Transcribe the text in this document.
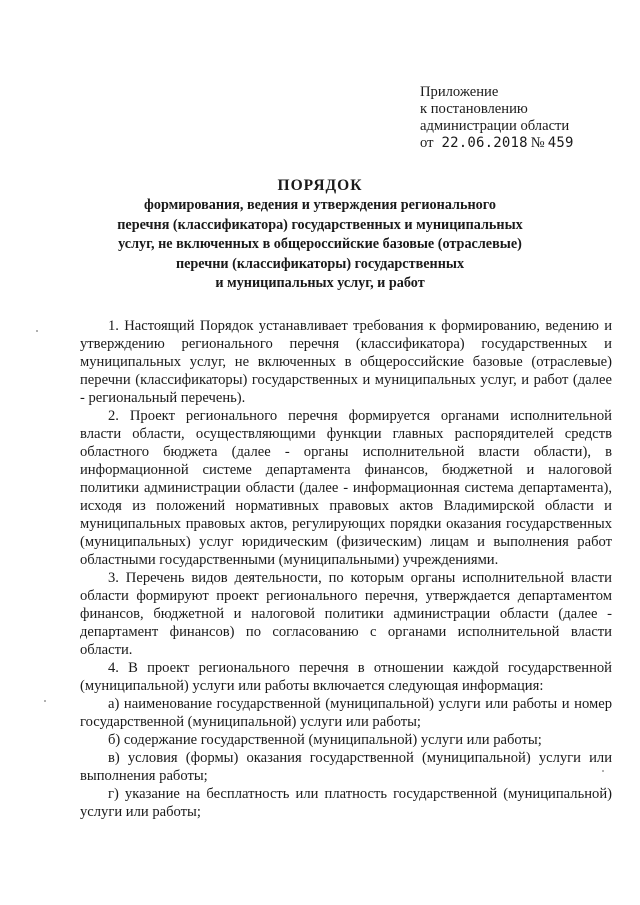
Приложение
к постановлению
администрации области
от 22.06.2018 № 459
ПОРЯДОК
формирования, ведения и утверждения регионального
перечня (классификатора) государственных и муниципальных
услуг, не включенных в общероссийские базовые (отраслевые)
перечни (классификаторы) государственных
и муниципальных услуг, и работ

1. Настоящий Порядок устанавливает требования к формированию, ведению и утверждению регионального перечня (классификатора) государственных и муниципальных услуг, не включенных в общероссийские базовые (отраслевые) перечни (классификаторы) государственных и муниципальных услуг, и работ (далее - региональный перечень).

2. Проект регионального перечня формируется органами исполнительной власти области, осуществляющими функции главных распорядителей средств областного бюджета (далее - органы исполнительной власти области), в информационной системе департамента финансов, бюджетной и налоговой политики администрации области (далее - информационная система департамента), исходя из положений нормативных правовых актов Владимирской области и муниципальных правовых актов, регулирующих порядки оказания государственных (муниципальных) услуг юридическим (физическим) лицам и выполнения работ областными государственными (муниципальными) учреждениями.

3. Перечень видов деятельности, по которым органы исполнительной власти области формируют проект регионального перечня, утверждается департаментом финансов, бюджетной и налоговой политики администрации области (далее - департамент финансов) по согласованию с органами исполнительной власти области.

4. В проект регионального перечня в отношении каждой государственной (муниципальной) услуги или работы включается следующая информация:

а) наименование государственной (муниципальной) услуги или работы и номер государственной (муниципальной) услуги или работы;

б) содержание государственной (муниципальной) услуги или работы;

в) условия (формы) оказания государственной (муниципальной) услуги или выполнения работы;

г) указание на бесплатность или платность государственной (муниципальной) услуги или работы;
